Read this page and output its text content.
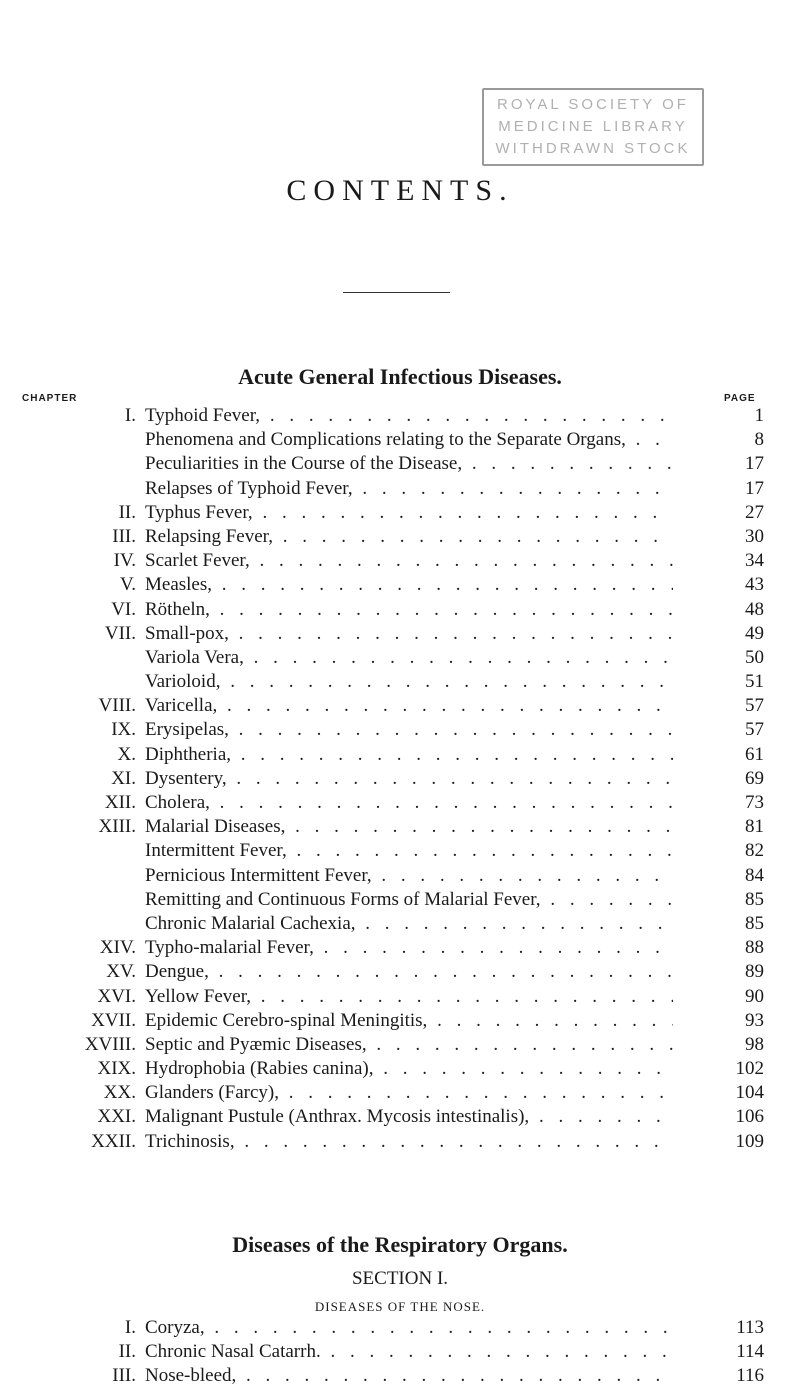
ROYAL SOCIETY OF
MEDICINE LIBRARY
WITHDRAWN STOCK
CONTENTS.
Acute General Infectious Diseases.
CHAPTER	PAGE
I. Typhoid Fever, . . .	1
Phenomena and Complications relating to the Separate Organs, . . .	8
Peculiarities in the Course of the Disease, . . .	17
Relapses of Typhoid Fever, . . .	17
II. Typhus Fever, . . .	27
III. Relapsing Fever, . . .	30
IV. Scarlet Fever, . . .	34
V. Measles, . . .	43
VI. Rötheln, . . .	48
VII. Small-pox, . . .	49
Variola Vera, . . .	50
Varioloid, . . .	51
VIII. Varicella, . . .	57
IX. Erysipelas, . . .	57
X. Diphtheria, . . .	61
XI. Dysentery, . . .	69
XII. Cholera, . . .	73
XIII. Malarial Diseases, . . .	81
Intermittent Fever, . . .	82
Pernicious Intermittent Fever, . . .	84
Remitting and Continuous Forms of Malarial Fever, . . .	85
Chronic Malarial Cachexia, . . .	85
XIV. Typho-malarial Fever, . . .	88
XV. Dengue, . . .	89
XVI. Yellow Fever, . . .	90
XVII. Epidemic Cerebro-spinal Meningitis, . . .	93
XVIII. Septic and Pyæmic Diseases, . . .	98
XIX. Hydrophobia (Rabies canina), . . .	102
XX. Glanders (Farcy), . . .	104
XXI. Malignant Pustule (Anthrax. Mycosis intestinalis), . . .	106
XXII. Trichinosis, . . .	109
Diseases of the Respiratory Organs.
SECTION I.
DISEASES OF THE NOSE.
I. Coryza, . . .	113
II. Chronic Nasal Catarrh. . . .	114
III. Nose-bleed, . . .	116
